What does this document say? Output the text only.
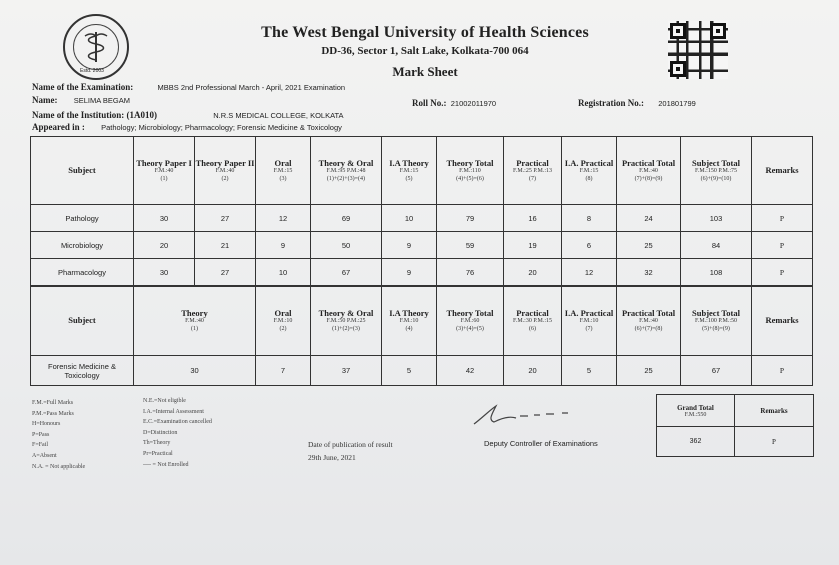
Estd. 2003
The West Bengal University of Health Sciences
DD-36, Sector 1, Salt Lake, Kolkata-700 064
Mark Sheet
Name of the Examination:	MBBS 2nd Professional March - April, 2021 Examination
Name: SELIMA BEGAM	Roll No.: 21002011970	Registration No.: 201801799
Name of the Institution: (1A010)	N.R.S MEDICAL COLLEGE, KOLKATA
Appeared in : Pathology; Microbiology; Pharmacology; Forensic Medicine & Toxicology
Subject	Theory Paper I
F.M.:40
(1)	Theory Paper II
F.M.:40
(2)	Oral
F.M.:15
(3)	Theory & Oral
F.M.:95 P.M.:48
(1)+(2)+(3)=(4)	I.A Theory
F.M.:15
(5)	Theory Total
F.M.:110
(4)+(5)=(6)	Practical
F.M.:25 P.M.:13
(7)	I.A. Practical
F.M.:15
(8)	Practical Total
F.M.:40
(7)+(8)=(9)	Subject Total
F.M.:150 P.M.:75
(6)+(9)=(10)	Remarks

Pathology	30	27	12	69	10	79	16	8	24	103	P
Microbiology	20	21	9	50	9	59	19	6	25	84	P
Pharmacology	30	27	10	67	9	76	20	12	32	108	P
Subject	Theory
F.M.:40
(1)	Oral
F.M.:10
(2)	Theory & Oral
F.M.:50 P.M.:25
(1)+(2)=(3)	I.A Theory
F.M.:10
(4)	Theory Total
F.M.:60
(3)+(4)=(5)	Practical
F.M.:30 P.M.:15
(6)	I.A. Practical
F.M.:10
(7)	Practical Total
F.M.:40
(6)+(7)=(8)	Subject Total
F.M.:100 P.M.:50
(5)+(8)=(9)	Remarks

Forensic Medicine & Toxicology	30	7	37	5	42	20	5	25	67	P
F.M.=Full Marks
P.M.=Pass Marks
H=Honours
P=Pass
F=Fail
A=Absent
N.A. = Not applicable
N.E.=Not eligible
I.A.=Internal Assessment
E.C.=Examination cancelled
D=Distinction
Th=Theory
Pr=Practical
---- = Not Enrolled
Date of publication of result
29th June, 2021
Deputy Controller of Examinations
Grand Total
F.M.:550	Remarks

362	P
